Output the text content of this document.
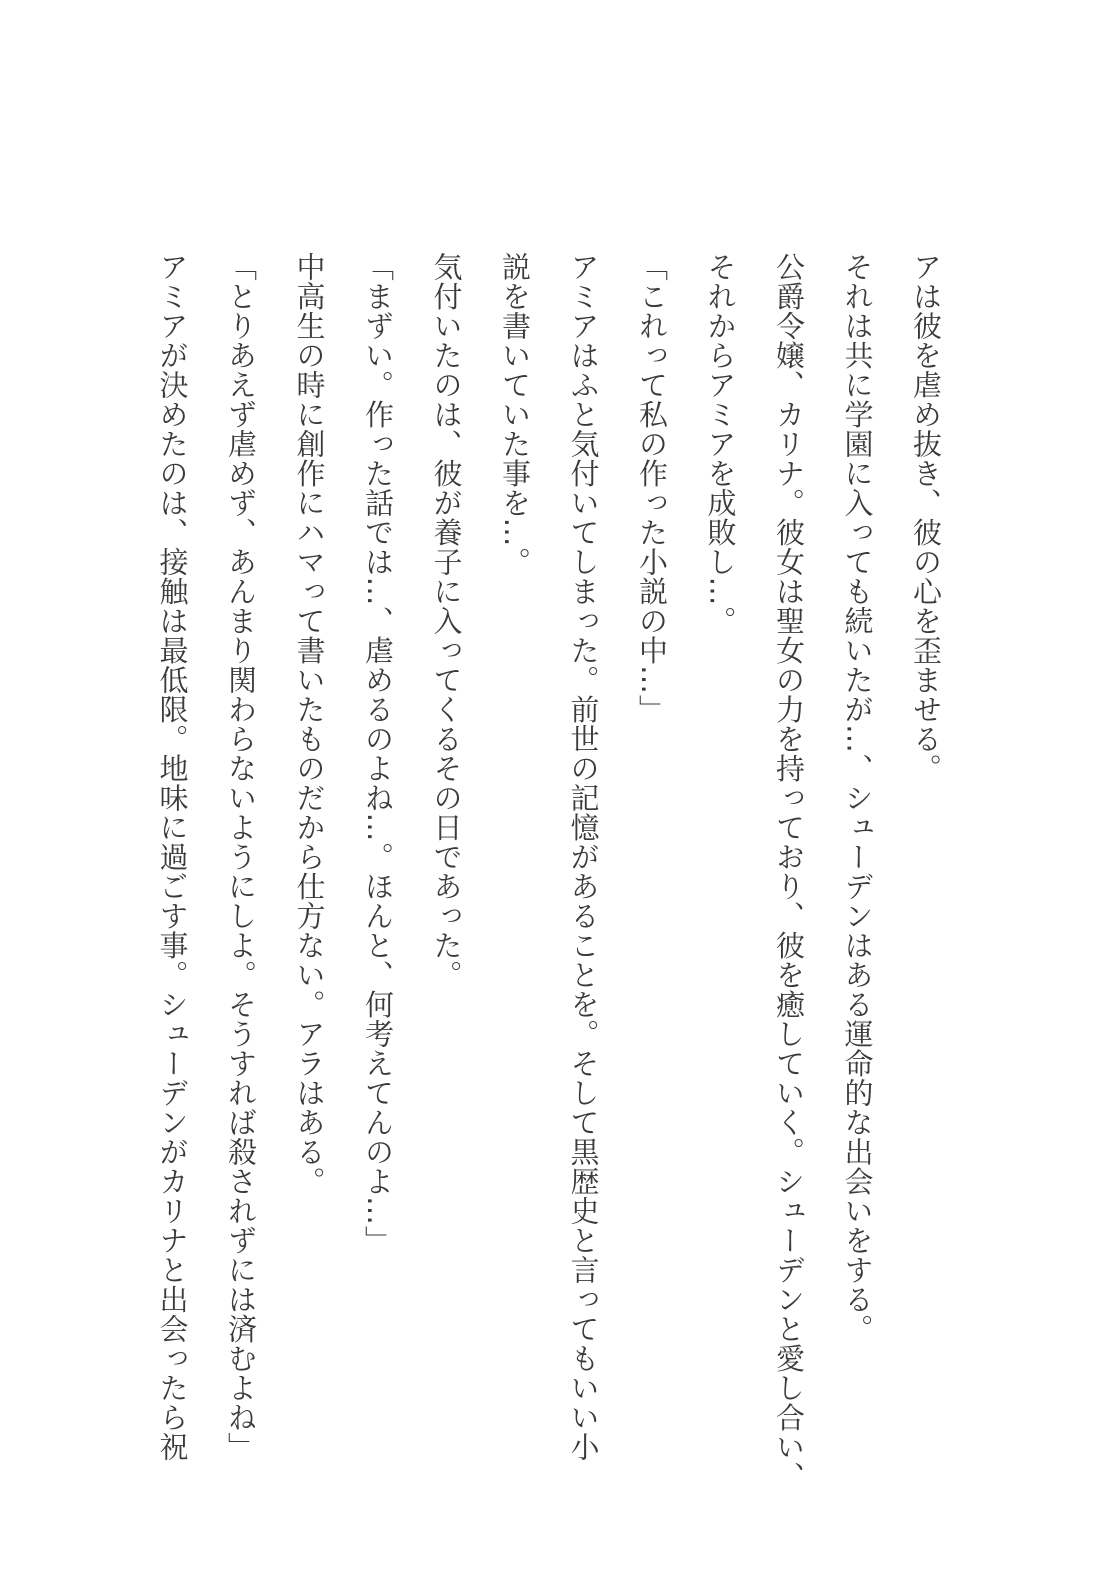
アは彼を虐め抜き、彼の心を歪ませる。

それは共に学園に入っても続いたが…、シューデンはある運命的な出会いをする。

公爵令嬢、カリナ。彼女は聖女の力を持っており、彼を癒していく。シューデンと愛し合い、

それからアミアを成敗し…。

「これって私の作った小説の中…」

アミアはふと気付いてしまった。前世の記憶があることを。そして黒歴史と言ってもいい小

説を書いていた事を…。

気付いたのは、彼が養子に入ってくるその日であった。

「まずい。作った話では…、虐めるのよね…。ほんと、何考えてんのよ…」

中高生の時に創作にハマって書いたものだから仕方ない。アラはある。

「とりあえず虐めず、あんまり関わらないようにしよ。そうすれば殺されずには済むよね」

アミアが決めたのは、接触は最低限。地味に過ごす事。シューデンがカリナと出会ったら祝
